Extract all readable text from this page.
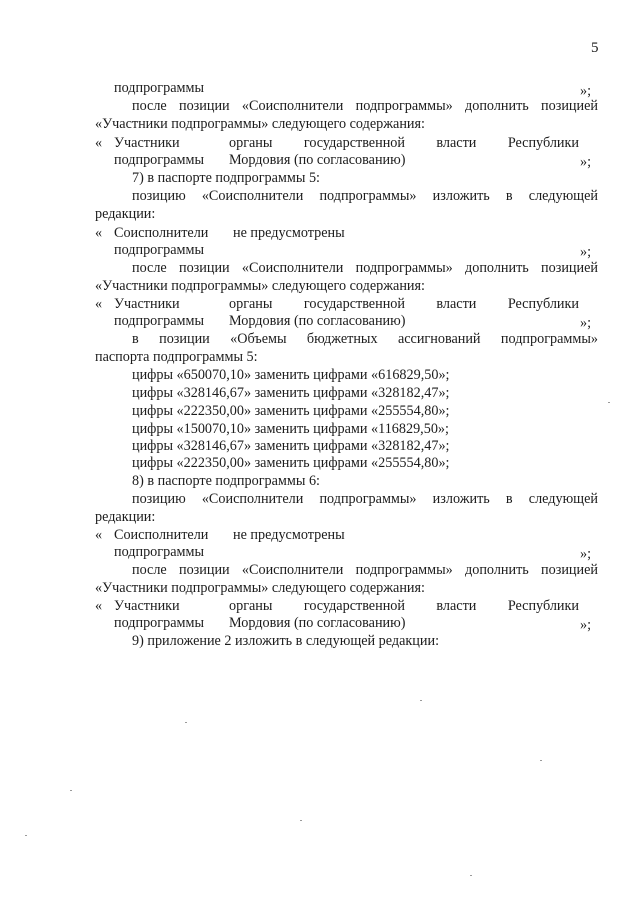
5
подпрограммы	»;
после позиции «Соисполнители подпрограммы» дополнить позицией
«Участники подпрограммы» следующего содержания:
« Участники	органы государственной власти Республики
подпрограммы Мордовия (по согласованию)	»;
7) в паспорте подпрограммы 5:
позицию «Соисполнители подпрограммы» изложить в следующей
редакции:
« Соисполнители не предусмотрены
подпрограммы	»;
после позиции «Соисполнители подпрограммы» дополнить позицией
«Участники подпрограммы» следующего содержания:
« Участники	органы государственной власти Республики
подпрограммы Мордовия (по согласованию)	»;
в позиции «Объемы бюджетных ассигнований подпрограммы»
паспорта подпрограммы 5:
цифры «650070,10» заменить цифрами «616829,50»;
цифры «328146,67» заменить цифрами «328182,47»;
цифры «222350,00» заменить цифрами «255554,80»;
цифры «150070,10» заменить цифрами «116829,50»;
цифры «328146,67» заменить цифрами «328182,47»;
цифры «222350,00» заменить цифрами «255554,80»;
8) в паспорте подпрограммы 6:
позицию «Соисполнители подпрограммы» изложить в следующей
редакции:
« Соисполнители не предусмотрены
подпрограммы	»;
после позиции «Соисполнители подпрограммы» дополнить позицией
«Участники подпрограммы» следующего содержания:
« Участники	органы государственной власти Республики
подпрограммы Мордовия (по согласованию)	»;
9) приложение 2 изложить в следующей редакции:
